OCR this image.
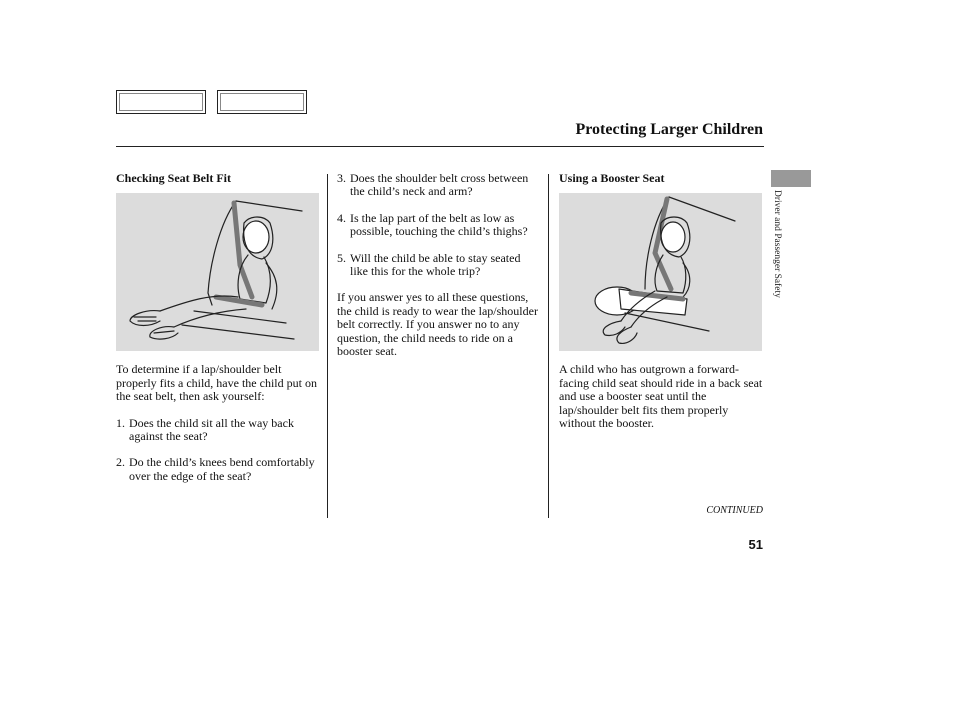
Protecting Larger Children

Checking Seat Belt Fit

To determine if a lap/shoulder belt properly fits a child, have the child put on the seat belt, then ask yourself:

1. Does the child sit all the way back against the seat?
2. Do the child’s knees bend comfortably over the edge of the seat?
3. Does the shoulder belt cross between the child’s neck and arm?
4. Is the lap part of the belt as low as possible, touching the child’s thighs?
5. Will the child be able to stay seated like this for the whole trip?

If you answer yes to all these questions, the child is ready to wear the lap/shoulder belt correctly. If you answer no to any question, the child needs to ride on a booster seat.

Using a Booster Seat

A child who has outgrown a forward-facing child seat should ride in a back seat and use a booster seat until the lap/shoulder belt fits them properly without the booster.

CONTINUED
51
Driver and Passenger Safety
